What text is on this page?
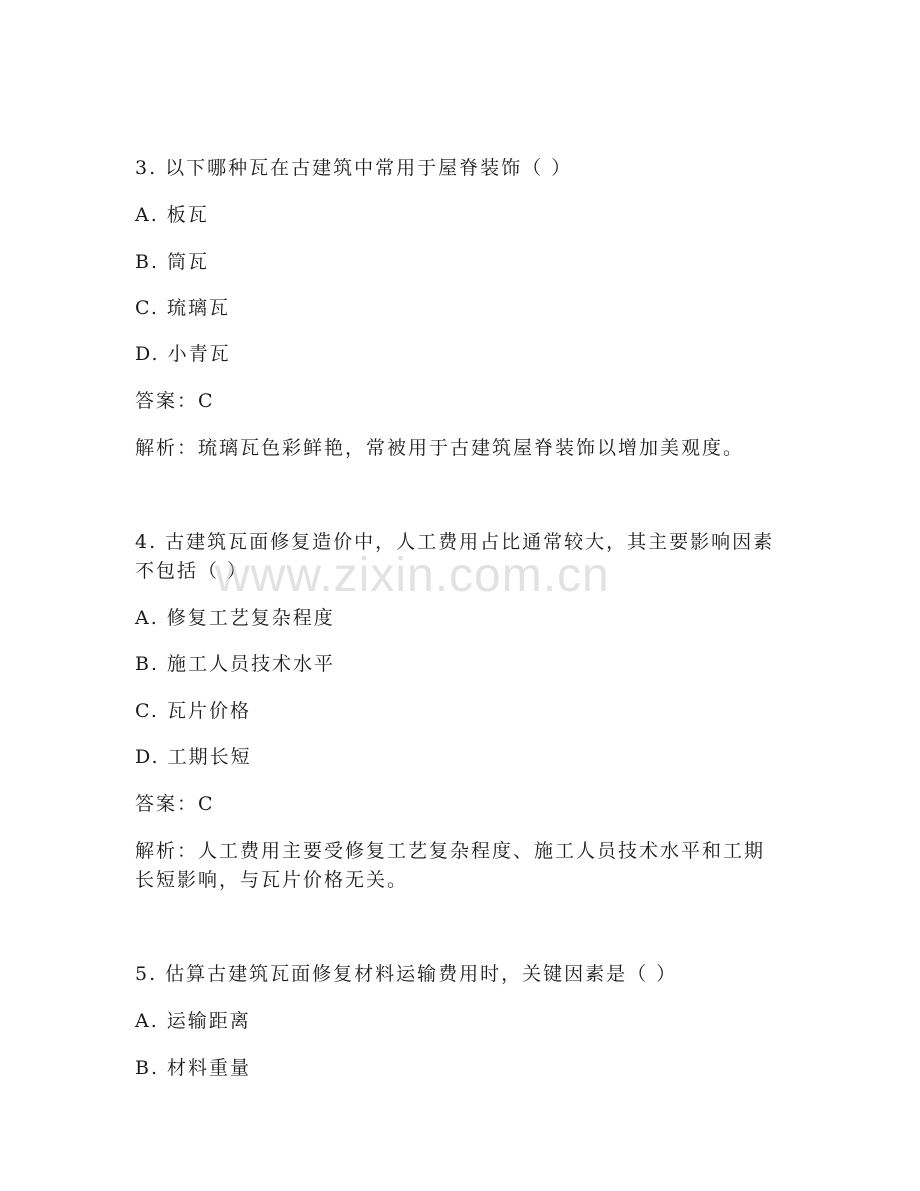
3. 以下哪种瓦在古建筑中常用于屋脊装饰（ ）
A. 板瓦
B. 筒瓦
C. 琉璃瓦
D. 小青瓦
答案：C
解析：琉璃瓦色彩鲜艳，常被用于古建筑屋脊装饰以增加美观度。
4. 古建筑瓦面修复造价中，人工费用占比通常较大，其主要影响因素
不包括（ ）
A. 修复工艺复杂程度
B. 施工人员技术水平
C. 瓦片价格
D. 工期长短
答案：C
解析：人工费用主要受修复工艺复杂程度、施工人员技术水平和工期
长短影响，与瓦片价格无关。
5. 估算古建筑瓦面修复材料运输费用时，关键因素是（ ）
A. 运输距离
B. 材料重量
www.zixin.com.cn
